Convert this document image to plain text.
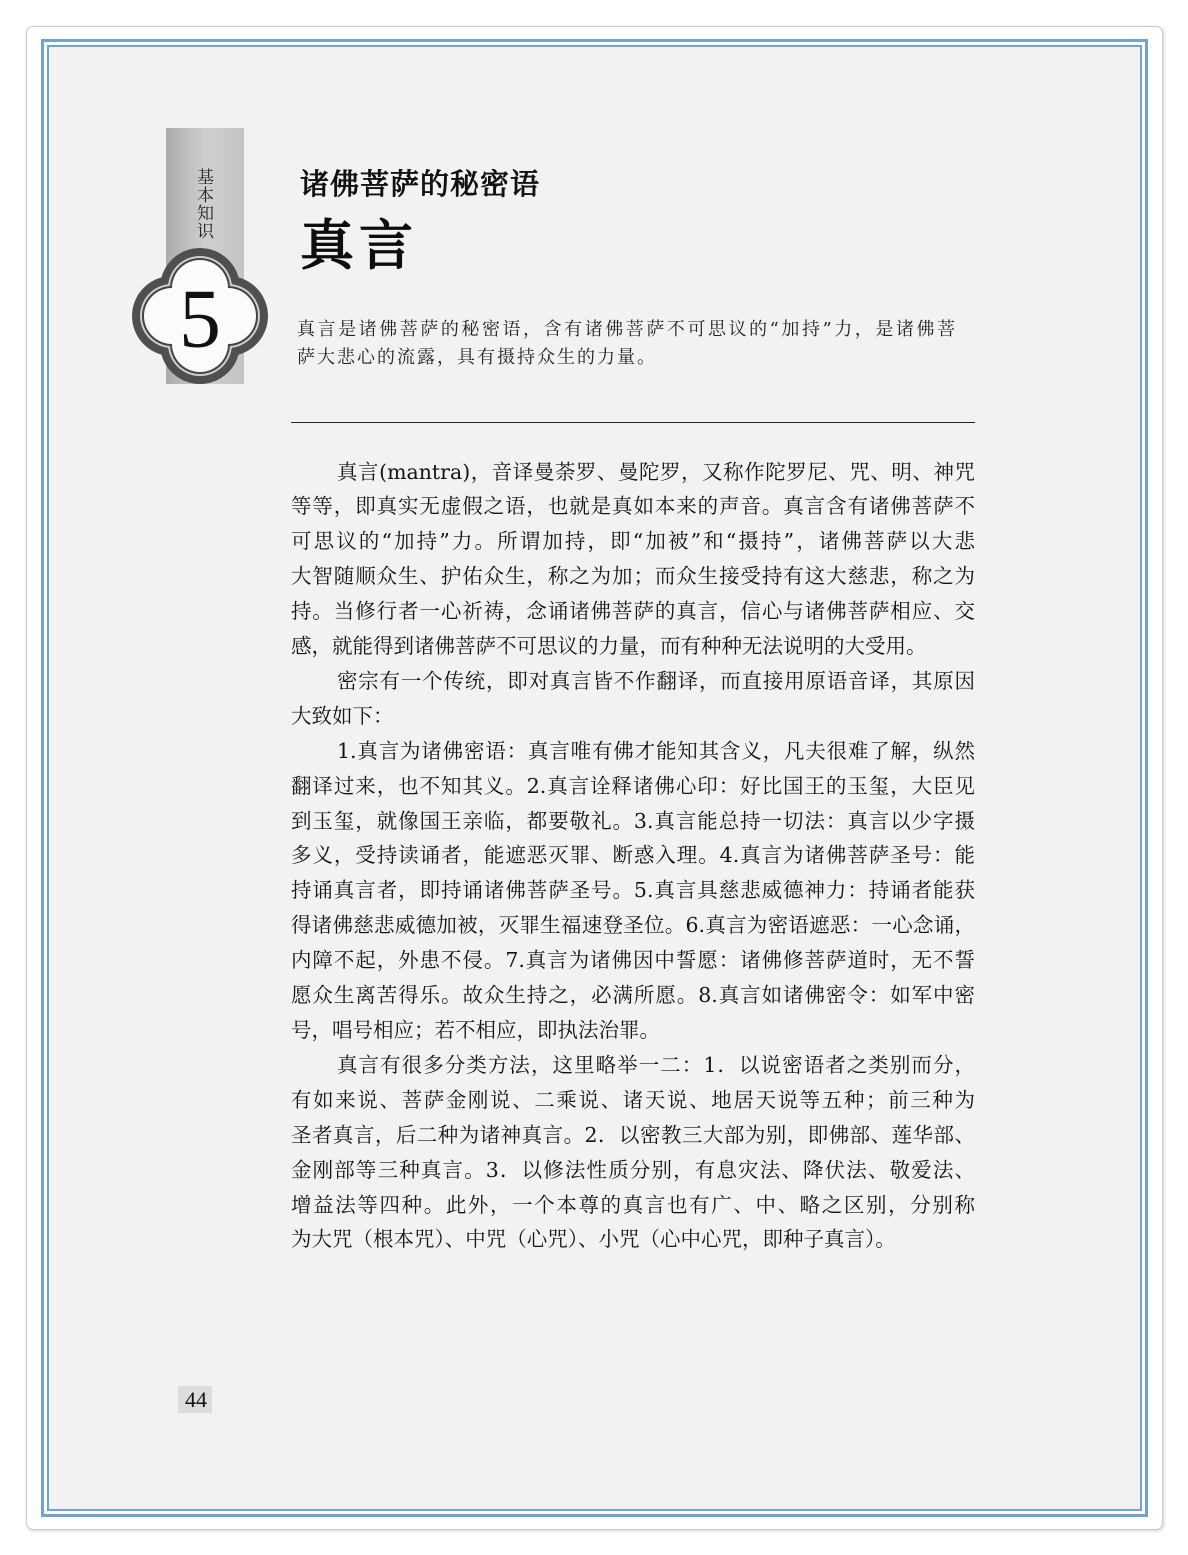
5
基本知识	诸佛菩萨的秘密语
真言
真言是诸佛菩萨的秘密语，含有诸佛菩萨不可思议的“加持”力，是诸佛菩
萨大悲心的流露，具有摄持众生的力量。
真言(mantra)，音译曼荼罗、曼陀罗，又称作陀罗尼、咒、明、神咒
等等，即真实无虚假之语，也就是真如本来的声音。真言含有诸佛菩萨不
可思议的“加持”力。所谓加持，即“加被”和“摄持”，诸佛菩萨以大悲
大智随顺众生、护佑众生，称之为加；而众生接受持有这大慈悲，称之为
持。当修行者一心祈祷，念诵诸佛菩萨的真言，信心与诸佛菩萨相应、交
感，就能得到诸佛菩萨不可思议的力量，而有种种无法说明的大受用。
密宗有一个传统，即对真言皆不作翻译，而直接用原语音译，其原因
大致如下：
1.真言为诸佛密语：真言唯有佛才能知其含义，凡夫很难了解，纵然
翻译过来，也不知其义。2.真言诠释诸佛心印：好比国王的玉玺，大臣见
到玉玺，就像国王亲临，都要敬礼。3.真言能总持一切法：真言以少字摄
多义，受持读诵者，能遮恶灭罪、断惑入理。4.真言为诸佛菩萨圣号：能
持诵真言者，即持诵诸佛菩萨圣号。5.真言具慈悲威德神力：持诵者能获
得诸佛慈悲威德加被，灭罪生福速登圣位。6.真言为密语遮恶：一心念诵，
内障不起，外患不侵。7.真言为诸佛因中誓愿：诸佛修菩萨道时，无不誓
愿众生离苦得乐。故众生持之，必满所愿。8.真言如诸佛密令：如军中密
号，唱号相应；若不相应，即执法治罪。
真言有很多分类方法，这里略举一二：1．以说密语者之类别而分，
有如来说、菩萨金刚说、二乘说、诸天说、地居天说等五种；前三种为
圣者真言，后二种为诸神真言。2．以密教三大部为别，即佛部、莲华部、
金刚部等三种真言。3．以修法性质分别，有息灾法、降伏法、敬爱法、
增益法等四种。此外，一个本尊的真言也有广、中、略之区别，分别称
为大咒（根本咒）、中咒（心咒）、小咒（心中心咒，即种子真言）。
44
